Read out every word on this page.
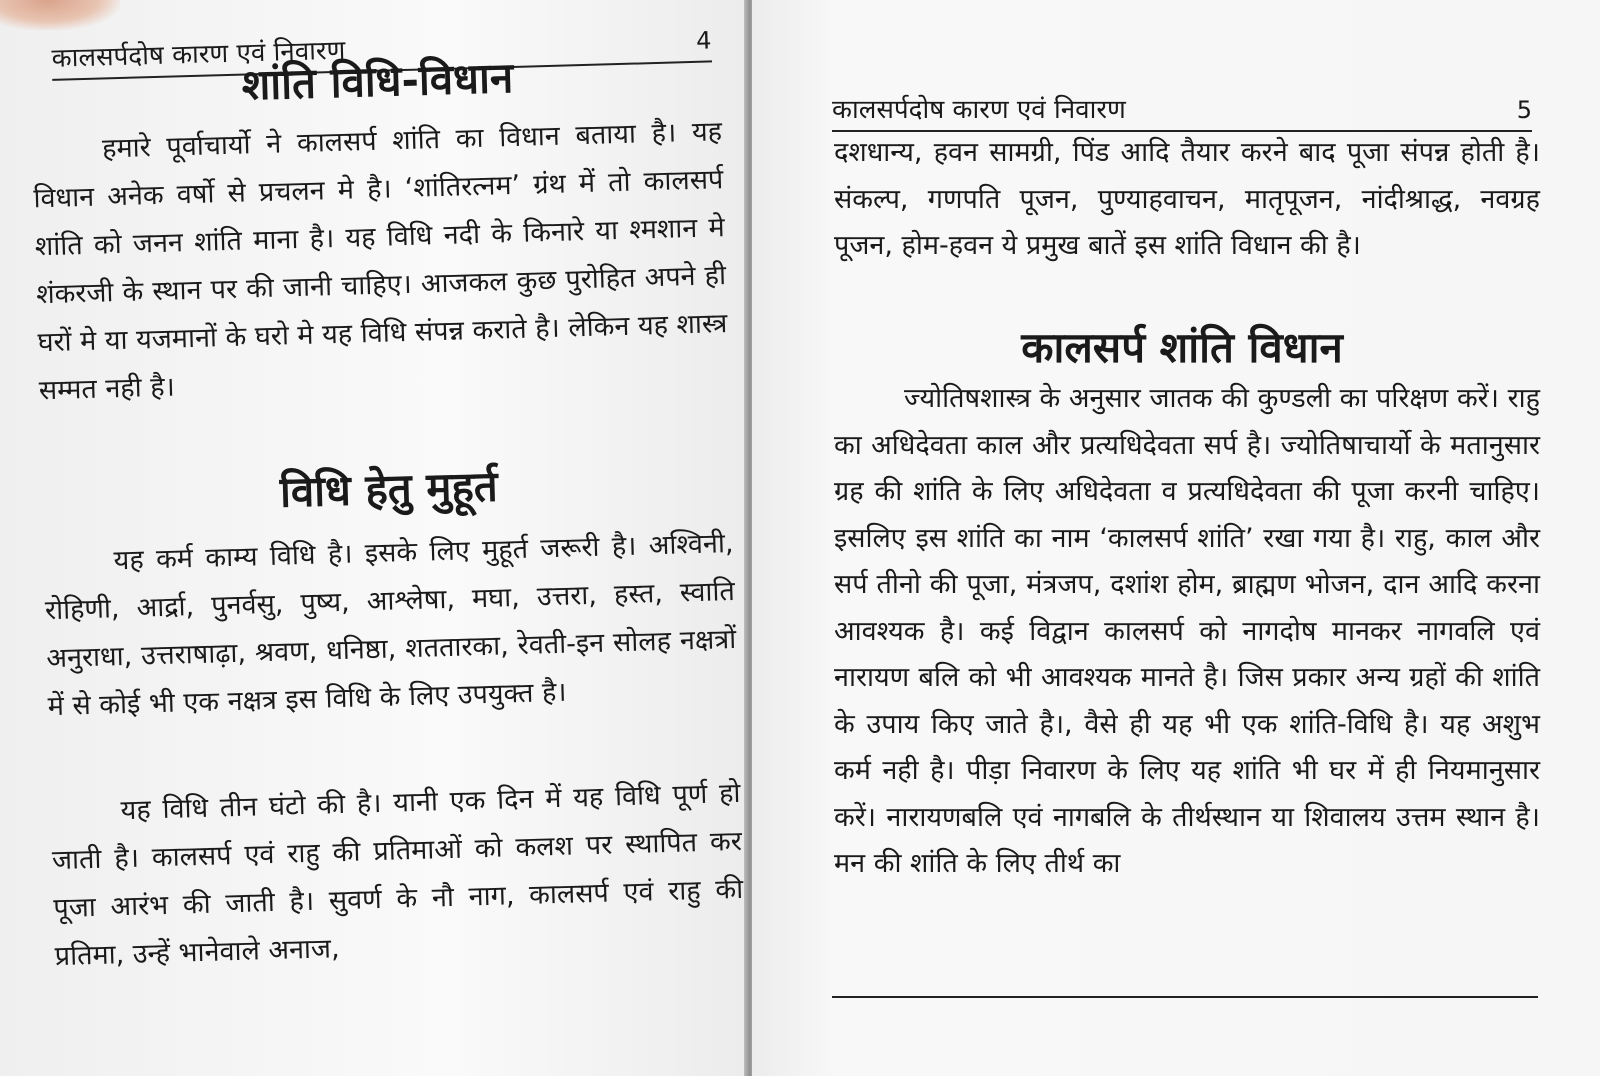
कालसर्पदोष कारण एवं निवारण	4
शांति विधि-विधान
हमारे पूर्वाचार्यो ने कालसर्प शांति का विधान बताया है। यह विधान अनेक वर्षो से प्रचलन मे है। ‘शांतिरत्नम’ ग्रंथ में तो कालसर्प शांति को जनन शांति माना है। यह विधि नदी के किनारे या श्मशान मे शंकरजी के स्थान पर की जानी चाहिए। आजकल कुछ पुरोहित अपने ही घरों मे या यजमानों के घरो मे यह विधि संपन्न कराते है। लेकिन यह शास्त्र सम्मत नही है।
विधि हेतु मुहूर्त
यह कर्म काम्य विधि है। इसके लिए मुहूर्त जरूरी है। अश्विनी, रोहिणी, आर्द्रा, पुनर्वसु, पुष्य, आश्लेषा, मघा, उत्तरा, हस्त, स्वाति अनुराधा, उत्तराषाढ़ा, श्रवण, धनिष्ठा, शततारका, रेवती-इन सोलह नक्षत्रों में से कोई भी एक नक्षत्र इस विधि के लिए उपयुक्त है।
यह विधि तीन घंटो की है। यानी एक दिन में यह विधि पूर्ण हो जाती है। कालसर्प एवं राहु की प्रतिमाओं को कलश पर स्थापित कर पूजा आरंभ की जाती है। सुवर्ण के नौ नाग, कालसर्प एवं राहु की प्रतिमा, उन्हें भानेवाले अनाज,
कालसर्पदोष कारण एवं निवारण	5
दशधान्य, हवन सामग्री, पिंड आदि तैयार करने बाद पूजा संपन्न होती है। संकल्प, गणपति पूजन, पुण्याहवाचन, मातृपूजन, नांदीश्राद्ध, नवग्रह पूजन, होम-हवन ये प्रमुख बातें इस शांति विधान की है।
कालसर्प शांति विधान
ज्योतिषशास्त्र के अनुसार जातक की कुण्डली का परिक्षण करें। राहु का अधिदेवता काल और प्रत्यधिदेवता सर्प है। ज्योतिषाचार्यो के मतानुसार ग्रह की शांति के लिए अधिदेवता व प्रत्यधिदेवता की पूजा करनी चाहिए। इसलिए इस शांति का नाम ‘कालसर्प शांति’ रखा गया है। राहु, काल और सर्प तीनो की पूजा, मंत्रजप, दशांश होम, ब्राह्मण भोजन, दान आदि करना आवश्यक है। कई विद्वान कालसर्प को नागदोष मानकर नागवलि एवं नारायण बलि को भी आवश्यक मानते है। जिस प्रकार अन्य ग्रहों की शांति के उपाय किए जाते है।, वैसे ही यह भी एक शांति-विधि है। यह अशुभ कर्म नही है। पीड़ा निवारण के लिए यह शांति भी घर में ही नियमानुसार करें। नारायणबलि एवं नागबलि के तीर्थस्थान या शिवालय उत्तम स्थान है। मन की शांति के लिए तीर्थ का
